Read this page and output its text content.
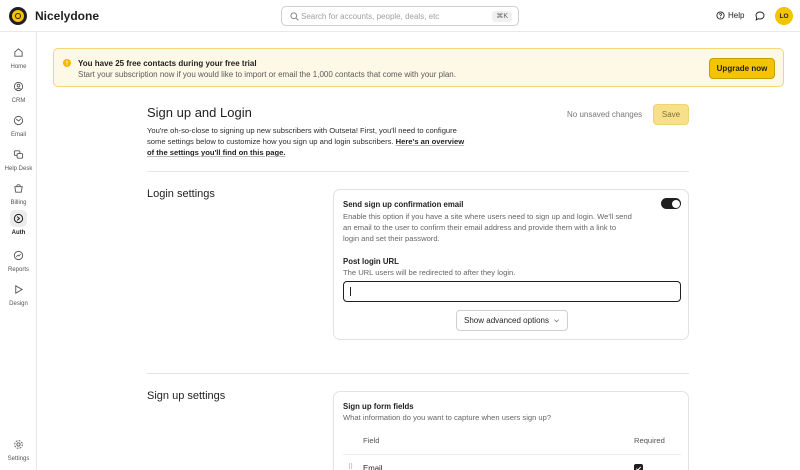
Nicelydone	Search for accounts, people, deals, etc	⌘K	Help	LO
Home
CRM
Email
Help Desk
Billing
Auth
Reports
Design
Settings
You have 25 free contacts during your free trial
Start your subscription now if you would like to import or email the 1,000 contacts that come with your plan.
Upgrade now
Sign up and Login
You're oh-so-close to signing up new subscribers with Outseta! First, you'll need to configure some settings below to customize how you sign up and login subscribers. Here's an overview of the settings you'll find on this page.
No unsaved changes	Save
Login settings
Send sign up confirmation email
Enable this option if you have a site where users need to sign up and login. We'll send an email to the user to confirm their email address and provide them with a link to login and set their password.
Post login URL
The URL users will be redirected to after they login.
Show advanced options
Sign up settings
Sign up form fields
What information do you want to capture when users sign up?
Field	Required
⠿ Email
